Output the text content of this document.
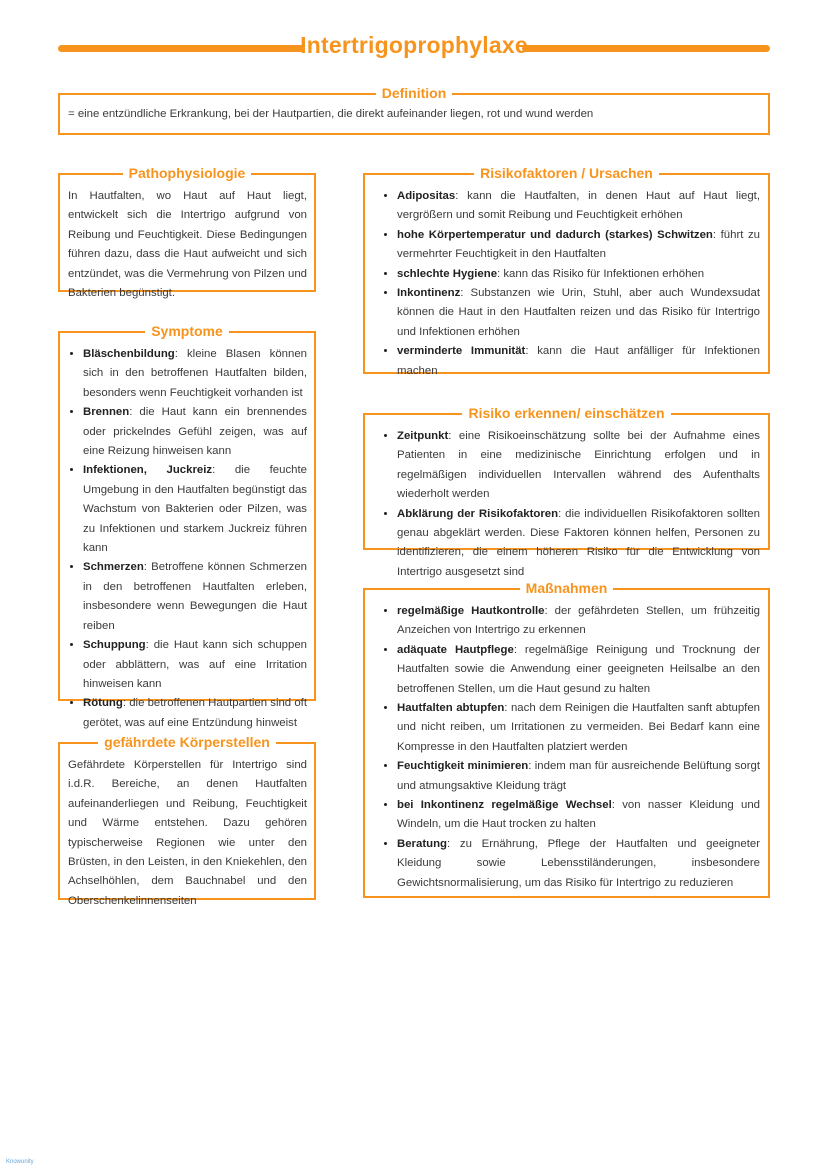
Intertrigoprophylaxe
Definition

= eine entzündliche Erkrankung, bei der Hautpartien, die direkt aufeinander liegen, rot und wund werden

Pathophysiologie

In Hautfalten, wo Haut auf Haut liegt, entwickelt sich die Intertrigo aufgrund von Reibung und Feuchtigkeit. Diese Bedingungen führen dazu, dass die Haut aufweicht und sich entzündet, was die Vermehrung von Pilzen und Bakterien begünstigt.

Symptome
• Bläschenbildung: kleine Blasen können sich in den betroffenen Hautfalten bilden, besonders wenn Feuchtigkeit vorhanden ist
• Brennen: die Haut kann ein brennendes oder prickelndes Gefühl zeigen, was auf eine Reizung hinweisen kann
• Infektionen, Juckreiz: die feuchte Umgebung in den Hautfalten begünstigt das Wachstum von Bakterien oder Pilzen, was zu Infektionen und starkem Juckreiz führen kann
• Schmerzen: Betroffene können Schmerzen in den betroffenen Hautfalten erleben, insbesondere wenn Bewegungen die Haut reiben
• Schuppung: die Haut kann sich schuppen oder abblättern, was auf eine Irritation hinweisen kann
• Rötung: die betroffenen Hautpartien sind oft gerötet, was auf eine Entzündung hinweist
gefährdete Körperstellen

Gefährdete Körperstellen für Intertrigo sind i.d.R. Bereiche, an denen Hautfalten aufeinanderliegen und Reibung, Feuchtigkeit und Wärme entstehen. Dazu gehören typischerweise Regionen wie unter den Brüsten, in den Leisten, in den Kniekehlen, den Achselhöhlen, dem Bauchnabel und den Oberschenkelinnenseiten

Risikofaktoren / Ursachen
• Adipositas: kann die Hautfalten, in denen Haut auf Haut liegt, vergrößern und somit Reibung und Feuchtigkeit erhöhen
• hohe Körpertemperatur und dadurch (starkes) Schwitzen: führt zu vermehrter Feuchtigkeit in den Hautfalten
• schlechte Hygiene: kann das Risiko für Infektionen erhöhen
• Inkontinenz: Substanzen wie Urin, Stuhl, aber auch Wundexsudat können die Haut in den Hautfalten reizen und das Risiko für Intertrigo und Infektionen erhöhen
• verminderte Immunität: kann die Haut anfälliger für Infektionen machen
Risiko erkennen/ einschätzen
• Zeitpunkt: eine Risikoeinschätzung sollte bei der Aufnahme eines Patienten in eine medizinische Einrichtung erfolgen und in regelmäßigen individuellen Intervallen während des Aufenthalts wiederholt werden
• Abklärung der Risikofaktoren: die individuellen Risikofaktoren sollten genau abgeklärt werden. Diese Faktoren können helfen, Personen zu identifizieren, die einem höheren Risiko für die Entwicklung von Intertrigo ausgesetzt sind
Maßnahmen
• regelmäßige Hautkontrolle: der gefährdeten Stellen, um frühzeitig Anzeichen von Intertrigo zu erkennen
• adäquate Hautpflege: regelmäßige Reinigung und Trocknung der Hautfalten sowie die Anwendung einer geeigneten Heilsalbe an den betroffenen Stellen, um die Haut gesund zu halten
• Hautfalten abtupfen: nach dem Reinigen die Hautfalten sanft abtupfen und nicht reiben, um Irritationen zu vermeiden. Bei Bedarf kann eine Kompresse in den Hautfalten platziert werden
• Feuchtigkeit minimieren: indem man für ausreichende Belüftung sorgt und atmungsaktive Kleidung trägt
• bei Inkontinenz regelmäßige Wechsel: von nasser Kleidung und Windeln, um die Haut trocken zu halten
• Beratung: zu Ernährung, Pflege der Hautfalten und geeigneter Kleidung sowie Lebensstiländerungen, insbesondere Gewichtsnormalisierung, um das Risiko für Intertrigo zu reduzieren
Knowunity
